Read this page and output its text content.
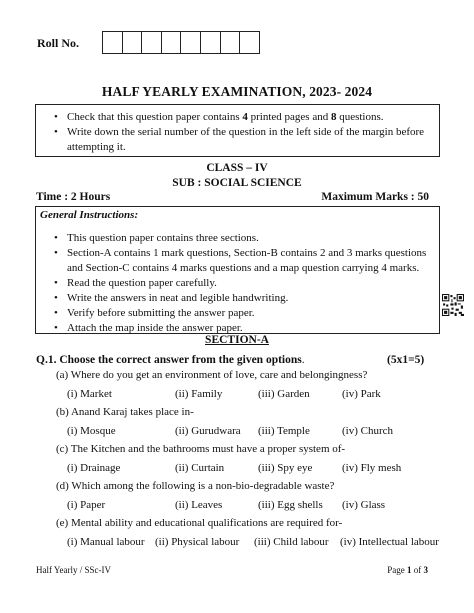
Roll No.
HALF YEARLY EXAMINATION, 2023- 2024
• Check that this question paper contains 4 printed pages and 8 questions.
• Write down the serial number of the question in the left side of the margin before attempting it.
CLASS – IV
SUB : SOCIAL SCIENCE
Time : 2 Hours	Maximum Marks : 50
General Instructions:
• This question paper contains three sections.
• Section-A contains 1 mark questions, Section-B contains 2 and 3 marks questions and Section-C contains 4 marks questions and a map question carrying 4 marks.
• Read the question paper carefully.
• Write the answers in neat and legible handwriting.
• Verify before submitting the answer paper.
• Attach the map inside the answer paper.
SECTION-A
Q.1. Choose the correct answer from the given options.	(5x1=5)
(a) Where do you get an environment of love, care and belongingness?
(i) Market	(ii) Family	(iii) Garden	(iv) Park
(b) Anand Karaj takes place in-
(i) Mosque	(ii) Gurudwara (iii) Temple	(iv) Church
(c) The Kitchen and the bathrooms must have a proper system of-
(i) Drainage	(ii) Curtain	(iii) Spy eye	(iv) Fly mesh
(d) Which among the following is a non-bio-degradable waste?
(i) Paper	(ii) Leaves	(iii) Egg shells (iv) Glass
(e) Mental ability and educational qualifications are required for-
(i) Manual labour (ii) Physical labour (iii) Child labour (iv) Intellectual labour
Half Yearly / SSc-IV	Page 1 of 3
